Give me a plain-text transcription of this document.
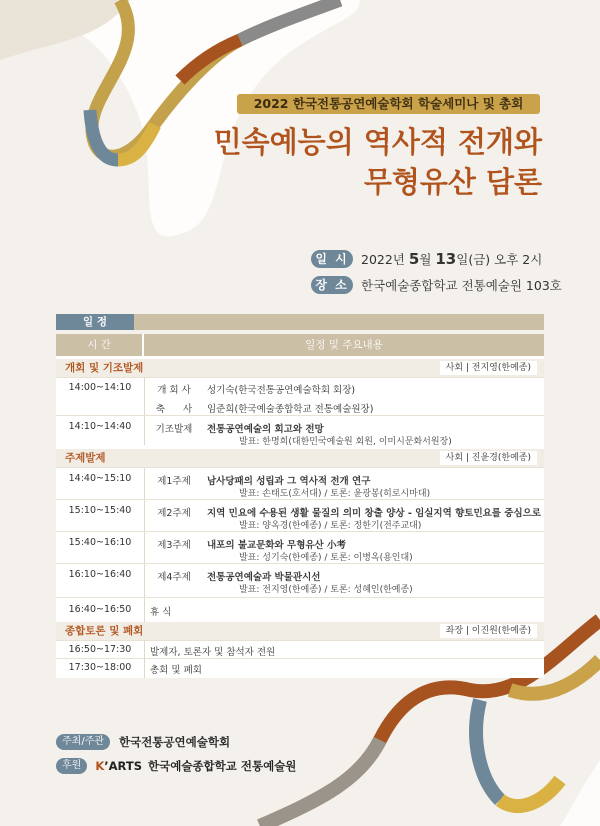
2022 한국전통공연예술학회 학술세미나 및 총회
민속예능의 역사적 전개와
무형유산 담론
일 시 2022년 5월 13일(금) 오후 2시
장 소 한국예술종합학교 전통예술원 103호
일 정
시 간	일정 및 주요내용
개회 및 기조발제	사회 | 전지영(한예종)
14:00~14:10	개 회 사	성기숙(한국전통공연예술학회 회장)
축      사	임준희(한국예술종합학교 전통예술원장)
14:10~14:40	기조발제	전통공연예술의 회고와 전망
발표: 한명희(대한민국예술원 회원, 이미시문화서원장)
주제발제	사회 | 진윤경(한예종)
14:40~15:10	제1주제	남사당패의 성립과 그 역사적 전개 연구
발표: 손태도(호서대) / 토론: 윤광봉(히로시마대)
15:10~15:40	제2주제	지역 민요에 수용된 생활 물질의 의미 창출 양상 - 임실지역 향토민요를 중심으로
발표: 양옥경(한예종) / 토론: 정한기(전주교대)
15:40~16:10	제3주제	내포의 불교문화와 무형유산 小考
발표: 성기숙(한예종) / 토론: 이병옥(용인대)
16:10~16:40	제4주제	전통공연예술과 박물관시선
발표: 전지영(한예종) / 토론: 성혜인(한예종)
16:40~16:50	휴 식
종합토론 및 폐회	좌장 | 이진원(한예종)
16:50~17:30	발제자, 토론자 및 참석자 전원
17:30~18:00	총회 및 폐회
주최/주관	한국전통공연예술학회
후원	K’ARTS 한국예술종합학교 전통예술원
